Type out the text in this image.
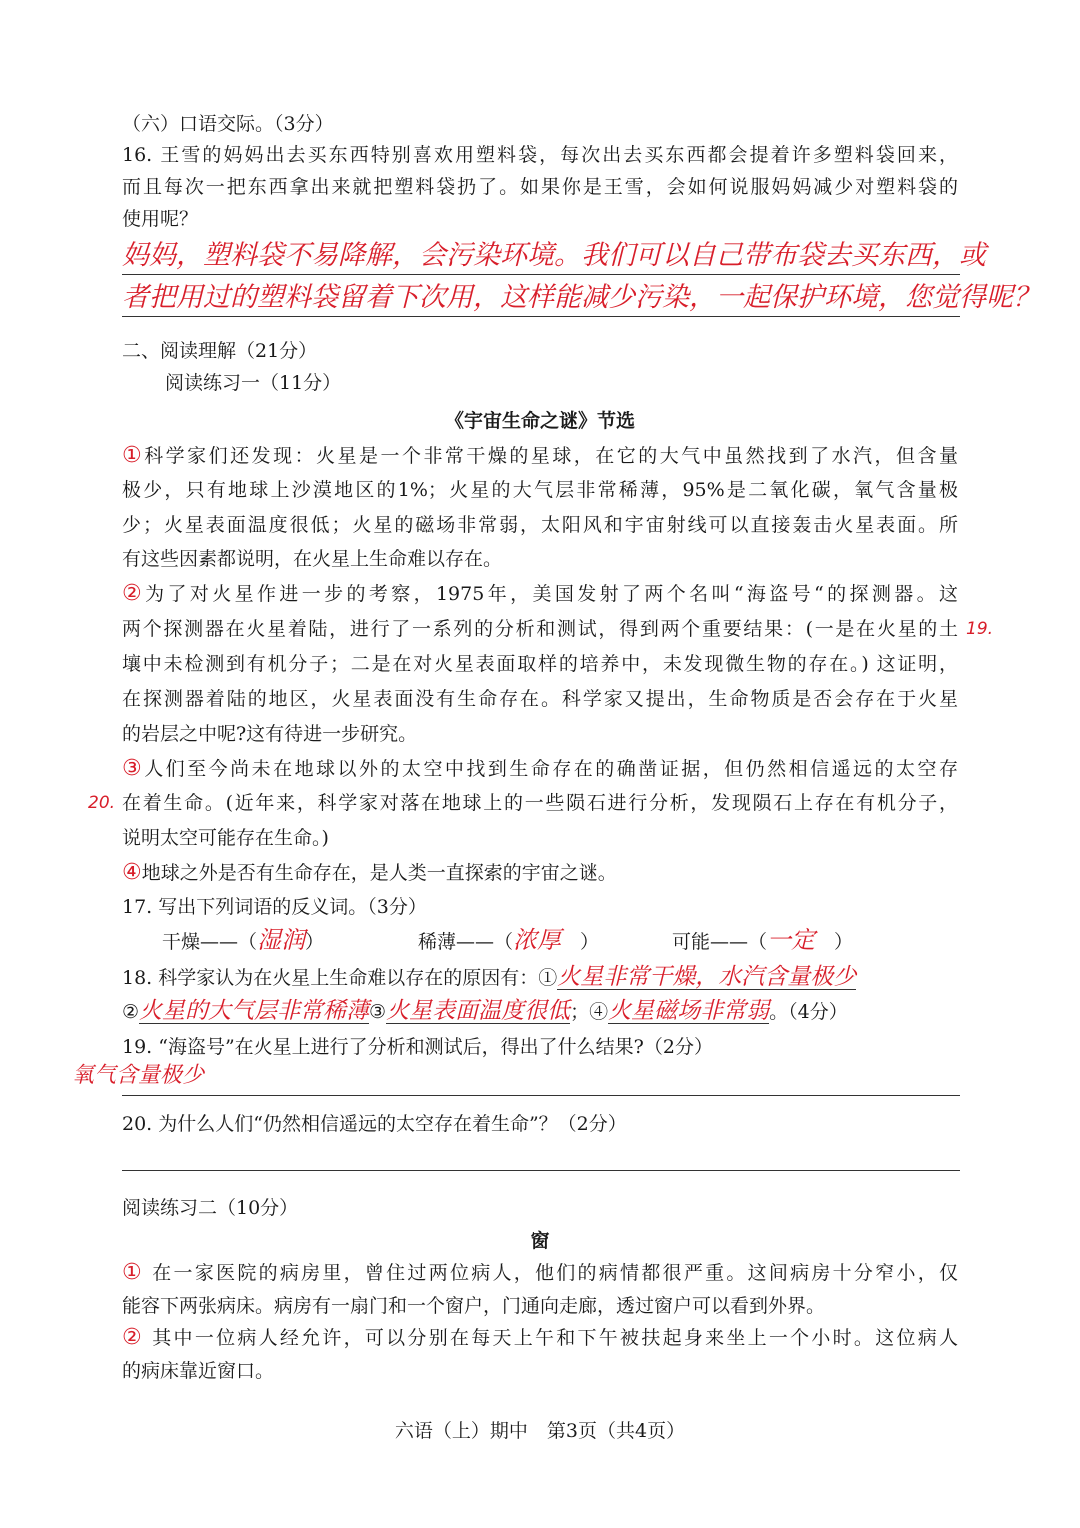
（六）口语交际。（3分）
16. 王雪的妈妈出去买东西特别喜欢用塑料袋，每次出去买东西都会提着许多塑料袋回来，
而且每次一把东西拿出来就把塑料袋扔了。如果你是王雪，会如何说服妈妈减少对塑料袋的
使用呢？
妈妈，塑料袋不易降解，会污染环境。我们可以自己带布袋去买东西，或
者把用过的塑料袋留着下次用，这样能减少污染，一起保护环境，您觉得呢？
二、阅读理解（21分）
阅读练习一（11分）
《宇宙生命之谜》节选
①科学家们还发现：火星是一个非常干燥的星球，在它的大气中虽然找到了水汽，但含量
极少，只有地球上沙漠地区的1%；火星的大气层非常稀薄，95%是二氧化碳，氧气含量极
少；火星表面温度很低；火星的磁场非常弱，太阳风和宇宙射线可以直接轰击火星表面。所
有这些因素都说明，在火星上生命难以存在。
②为了对火星作进一步的考察，1975年，美国发射了两个名叫“海盗号“的探测器。这
19.
两个探测器在火星着陆，进行了一系列的分析和测试，得到两个重要结果：(一是在火星的土
壤中未检测到有机分子；二是在对火星表面取样的培养中，未发现微生物的存在。) 这证明，
在探测器着陆的地区，火星表面没有生命存在。科学家又提出，生命物质是否会存在于火星
的岩层之中呢?这有待进一步研究。
③人们至今尚未在地球以外的太空中找到生命存在的确凿证据，但仍然相信遥远的太空存
20. 在着生命。(近年来，科学家对落在地球上的一些陨石进行分析，发现陨石上存在有机分子，
说明太空可能存在生命。)
④地球之外是否有生命存在，是人类一直探索的宇宙之谜。
17. 写出下列词语的反义词。（3分）
干燥——（湿润）	稀薄——（浓厚　 ）	可能——（一定　 ）
18. 科学家认为在火星上生命难以存在的原因有：①火星非常干燥，水汽含量极少
②火星的大气层非常稀薄③火星表面温度很低；④火星磁场非常弱。（4分）
氧气含量极少
19. “海盗号”在火星上进行了分析和测试后，得出了什么结果?（2分）
20. 为什么人们“仍然相信遥远的太空存在着生命”？（2分）
阅读练习二（10分）
窗
① 在一家医院的病房里，曾住过两位病人，他们的病情都很严重。这间病房十分窄小，仅
能容下两张病床。病房有一扇门和一个窗户，门通向走廊，透过窗户可以看到外界。
② 其中一位病人经允许，可以分别在每天上午和下午被扶起身来坐上一个小时。这位病人
的病床靠近窗口。
六语（上）期中　第3页（共4页）
